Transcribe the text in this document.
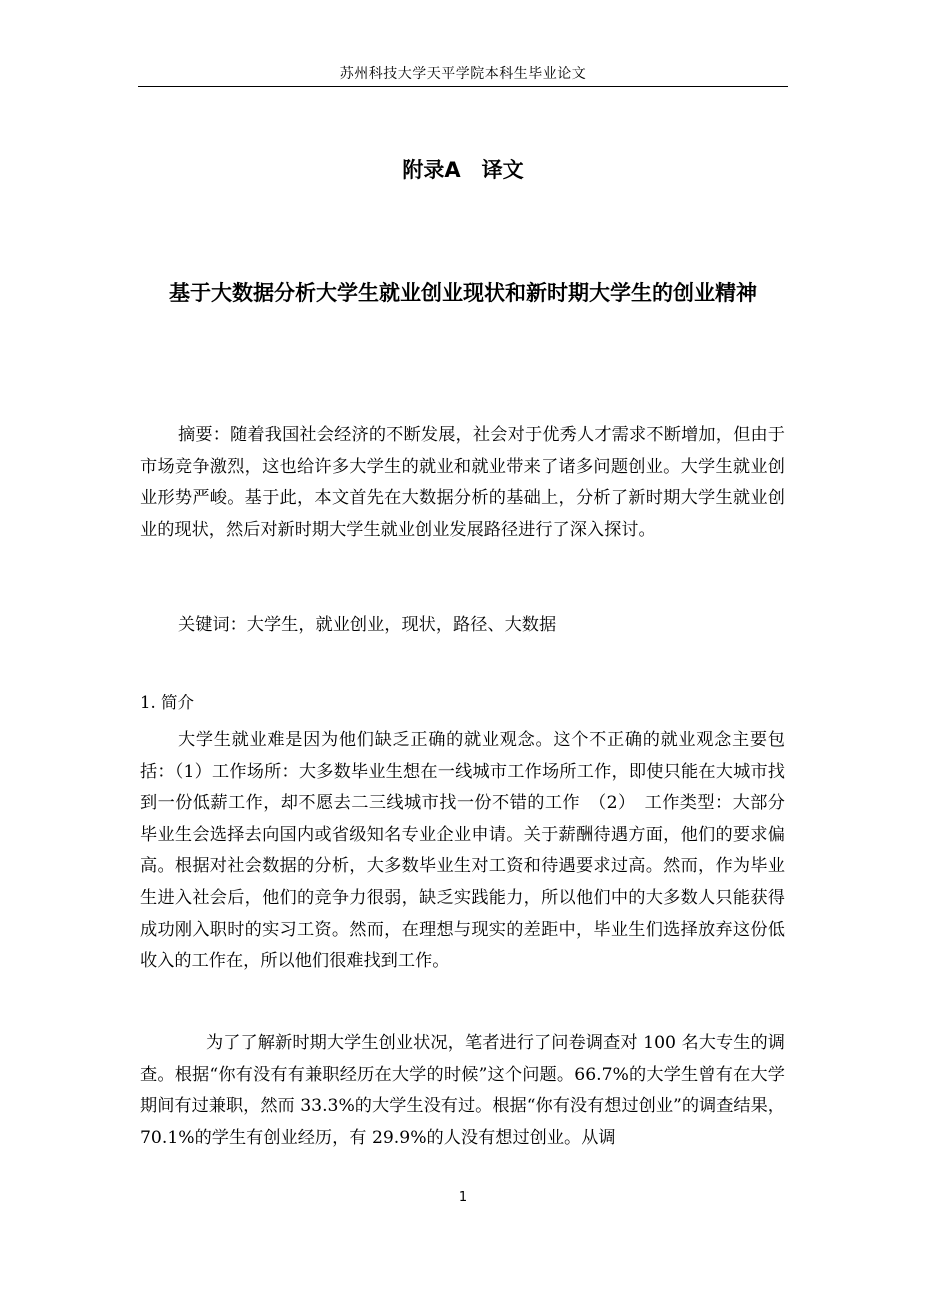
苏州科技大学天平学院本科生毕业论文
附录A　译文
基于大数据分析大学生就业创业现状和新时期大学生的创业精神
摘要：随着我国社会经济的不断发展，社会对于优秀人才需求不断增加，但由于市场竞争激烈，这也给许多大学生的就业和就业带来了诸多问题创业。大学生就业创业形势严峻。基于此，本文首先在大数据分析的基础上，分析了新时期大学生就业创业的现状，然后对新时期大学生就业创业发展路径进行了深入探讨。
关键词：大学生，就业创业，现状，路径、大数据
1. 简介
大学生就业难是因为他们缺乏正确的就业观念。这个不正确的就业观念主要包括：（1）工作场所：大多数毕业生想在一线城市工作场所工作，即使只能在大城市找到一份低薪工作，却不愿去二三线城市找一份不错的工作　（2）　工作类型：大部分毕业生会选择去向国内或省级知名专业企业申请。关于薪酬待遇方面，他们的要求偏高。根据对社会数据的分析，大多数毕业生对工资和待遇要求过高。然而，作为毕业生进入社会后，他们的竞争力很弱，缺乏实践能力，所以他们中的大多数人只能获得成功刚入职时的实习工资。然而，在理想与现实的差距中，毕业生们选择放弃这份低收入的工作在，所以他们很难找到工作。
为了了解新时期大学生创业状况，笔者进行了问卷调查对 100 名大专生的调查。根据“你有没有有兼职经历在大学的时候”这个问题。66.7%的大学生曾有在大学期间有过兼职，然而 33.3%的大学生没有过。根据“你有没有想过创业”的调查结果，70.1%的学生有创业经历，有 29.9%的人没有想过创业。从调
1
